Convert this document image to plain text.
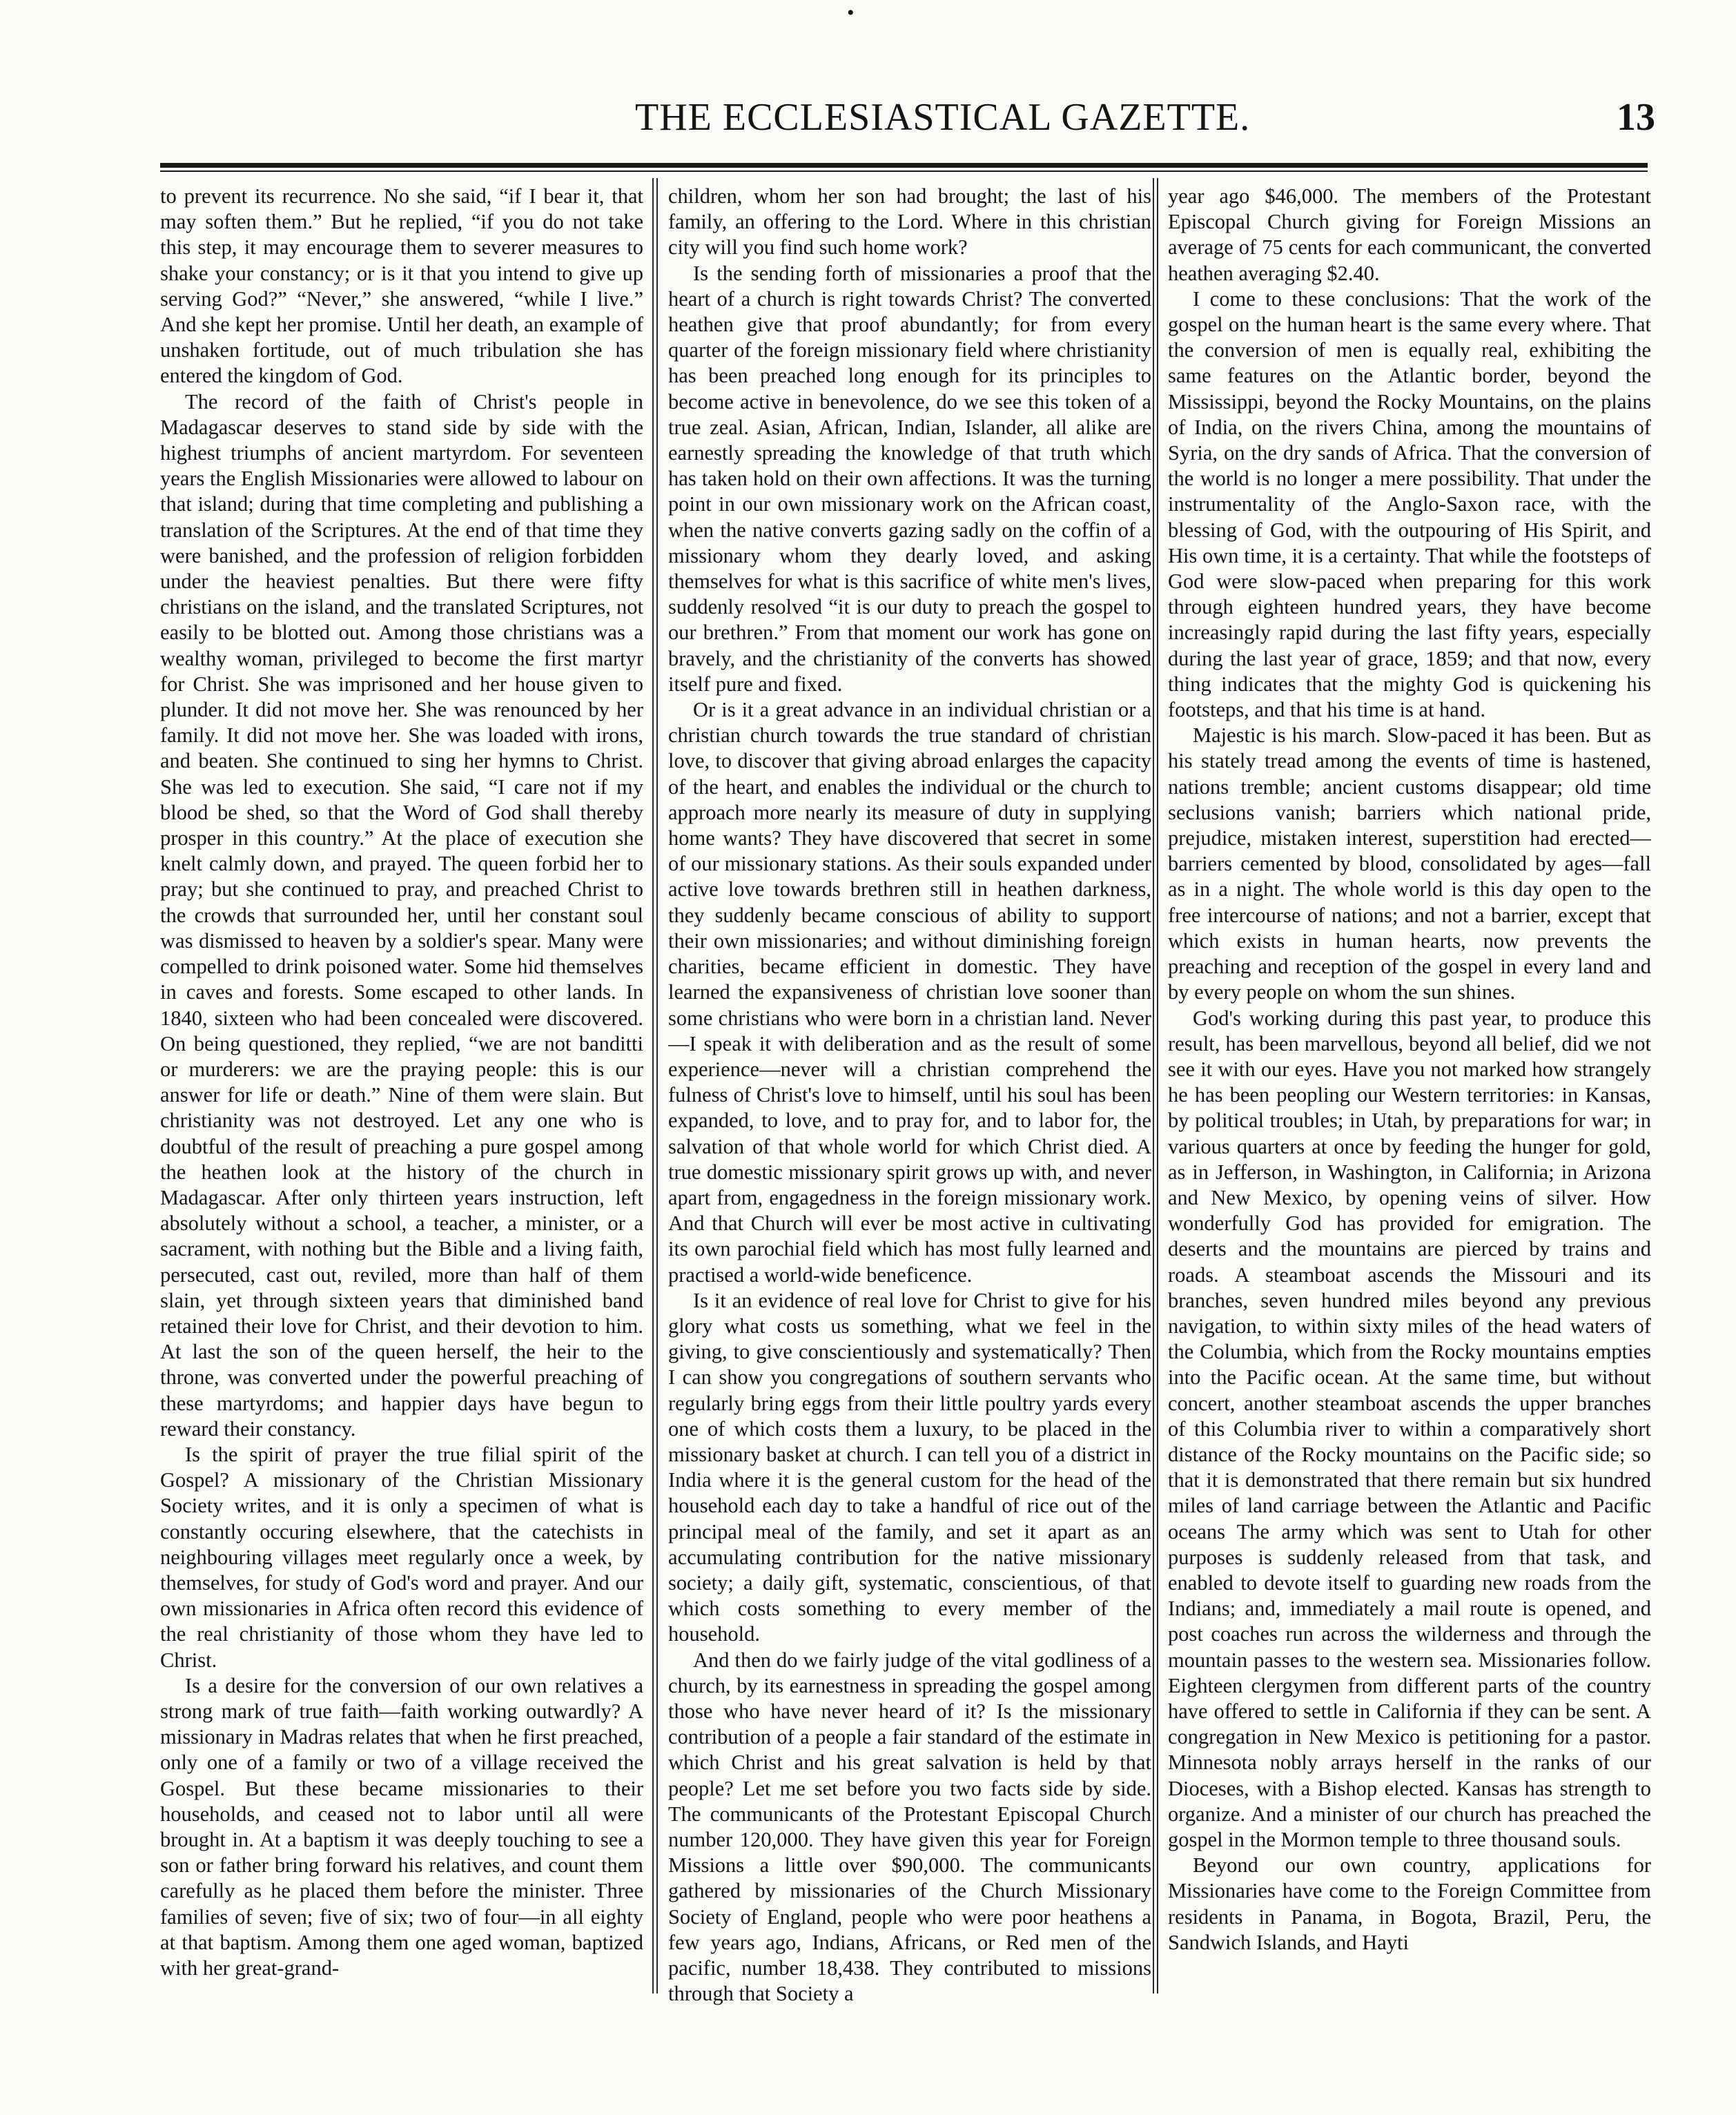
•
THE ECCLESIASTICAL GAZETTE.	13

to prevent its recurrence. No she said, “if I bear it, that may soften them.” But he replied, “if you do not take this step, it may encourage them to severer measures to shake your constancy; or is it that you intend to give up serving God?” “Never,” she answered, “while I live.” And she kept her promise. Until her death, an example of unshaken fortitude, out of much tribulation she has entered the kingdom of God.

The record of the faith of Christ's people in Madagascar deserves to stand side by side with the highest triumphs of ancient martyrdom. For seventeen years the English Missionaries were allowed to labour on that island; during that time completing and publishing a translation of the Scriptures. At the end of that time they were banished, and the profession of religion forbidden under the heaviest penalties. But there were fifty christians on the island, and the translated Scriptures, not easily to be blotted out. Among those christians was a wealthy woman, privileged to become the first martyr for Christ. She was imprisoned and her house given to plunder. It did not move her. She was renounced by her family. It did not move her. She was loaded with irons, and beaten. She continued to sing her hymns to Christ. She was led to execution. She said, “I care not if my blood be shed, so that the Word of God shall thereby prosper in this country.” At the place of execution she knelt calmly down, and prayed. The queen forbid her to pray; but she continued to pray, and preached Christ to the crowds that surrounded her, until her constant soul was dismissed to heaven by a soldier's spear. Many were compelled to drink poisoned water. Some hid themselves in caves and forests. Some escaped to other lands. In 1840, sixteen who had been concealed were discovered. On being questioned, they replied, “we are not banditti or murderers: we are the praying people: this is our answer for life or death.” Nine of them were slain. But christianity was not destroyed. Let any one who is doubtful of the result of preaching a pure gospel among the heathen look at the history of the church in Madagascar. After only thirteen years instruction, left absolutely without a school, a teacher, a minister, or a sacrament, with nothing but the Bible and a living faith, persecuted, cast out, reviled, more than half of them slain, yet through sixteen years that diminished band retained their love for Christ, and their devotion to him. At last the son of the queen herself, the heir to the throne, was converted under the powerful preaching of these martyrdoms; and happier days have begun to reward their constancy.

Is the spirit of prayer the true filial spirit of the Gospel? A missionary of the Christian Missionary Society writes, and it is only a specimen of what is constantly occuring elsewhere, that the catechists in neighbouring villages meet regularly once a week, by themselves, for study of God's word and prayer. And our own missionaries in Africa often record this evidence of the real christianity of those whom they have led to Christ.

Is a desire for the conversion of our own relatives a strong mark of true faith—faith working outwardly? A missionary in Madras relates that when he first preached, only one of a family or two of a village received the Gospel. But these became missionaries to their households, and ceased not to labor until all were brought in. At a baptism it was deeply touching to see a son or father bring forward his relatives, and count them carefully as he placed them before the minister. Three families of seven; five of six; two of four—in all eighty at that baptism. Among them one aged woman, baptized with her great-grand-

children, whom her son had brought; the last of his family, an offering to the Lord. Where in this christian city will you find such home work?

Is the sending forth of missionaries a proof that the heart of a church is right towards Christ? The converted heathen give that proof abundantly; for from every quarter of the foreign missionary field where christianity has been preached long enough for its principles to become active in benevolence, do we see this token of a true zeal. Asian, African, Indian, Islander, all alike are earnestly spreading the knowledge of that truth which has taken hold on their own affections. It was the turning point in our own missionary work on the African coast, when the native converts gazing sadly on the coffin of a missionary whom they dearly loved, and asking themselves for what is this sacrifice of white men's lives, suddenly resolved “it is our duty to preach the gospel to our brethren.” From that moment our work has gone on bravely, and the christianity of the converts has showed itself pure and fixed.

Or is it a great advance in an individual christian or a christian church towards the true standard of christian love, to discover that giving abroad enlarges the capacity of the heart, and enables the individual or the church to approach more nearly its measure of duty in supplying home wants? They have discovered that secret in some of our missionary stations. As their souls expanded under active love towards brethren still in heathen darkness, they suddenly became conscious of ability to support their own missionaries; and without diminishing foreign charities, became efficient in domestic. They have learned the expansiveness of christian love sooner than some christians who were born in a christian land. Never—I speak it with deliberation and as the result of some experience—never will a christian comprehend the fulness of Christ's love to himself, until his soul has been expanded, to love, and to pray for, and to labor for, the salvation of that whole world for which Christ died. A true domestic missionary spirit grows up with, and never apart from, engagedness in the foreign missionary work. And that Church will ever be most active in cultivating its own parochial field which has most fully learned and practised a world-wide beneficence.

Is it an evidence of real love for Christ to give for his glory what costs us something, what we feel in the giving, to give conscientiously and systematically? Then I can show you congregations of southern servants who regularly bring eggs from their little poultry yards every one of which costs them a luxury, to be placed in the missionary basket at church. I can tell you of a district in India where it is the general custom for the head of the household each day to take a handful of rice out of the principal meal of the family, and set it apart as an accumulating contribution for the native missionary society; a daily gift, systematic, conscientious, of that which costs something to every member of the household.

And then do we fairly judge of the vital godliness of a church, by its earnestness in spreading the gospel among those who have never heard of it? Is the missionary contribution of a people a fair standard of the estimate in which Christ and his great salvation is held by that people? Let me set before you two facts side by side. The communicants of the Protestant Episcopal Church number 120,000. They have given this year for Foreign Missions a little over $90,000. The communicants gathered by missionaries of the Church Missionary Society of England, people who were poor heathens a few years ago, Indians, Africans, or Red men of the pacific, number 18,438. They contributed to missions through that Society a

year ago $46,000. The members of the Protestant Episcopal Church giving for Foreign Missions an average of 75 cents for each communicant, the converted heathen averaging $2.40.

I come to these conclusions: That the work of the gospel on the human heart is the same every where. That the conversion of men is equally real, exhibiting the same features on the Atlantic border, beyond the Mississippi, beyond the Rocky Mountains, on the plains of India, on the rivers China, among the mountains of Syria, on the dry sands of Africa. That the conversion of the world is no longer a mere possibility. That under the instrumentality of the Anglo-Saxon race, with the blessing of God, with the outpouring of His Spirit, and His own time, it is a certainty. That while the footsteps of God were slow-paced when preparing for this work through eighteen hundred years, they have become increasingly rapid during the last fifty years, especially during the last year of grace, 1859; and that now, every thing indicates that the mighty God is quickening his footsteps, and that his time is at hand.

Majestic is his march. Slow-paced it has been. But as his stately tread among the events of time is hastened, nations tremble; ancient customs disappear; old time seclusions vanish; barriers which national pride, prejudice, mistaken interest, superstition had erected—barriers cemented by blood, consolidated by ages—fall as in a night. The whole world is this day open to the free intercourse of nations; and not a barrier, except that which exists in human hearts, now prevents the preaching and reception of the gospel in every land and by every people on whom the sun shines.

God's working during this past year, to produce this result, has been marvellous, beyond all belief, did we not see it with our eyes. Have you not marked how strangely he has been peopling our Western territories: in Kansas, by political troubles; in Utah, by preparations for war; in various quarters at once by feeding the hunger for gold, as in Jefferson, in Washington, in California; in Arizona and New Mexico, by opening veins of silver. How wonderfully God has provided for emigration. The deserts and the mountains are pierced by trains and roads. A steamboat ascends the Missouri and its branches, seven hundred miles beyond any previous navigation, to within sixty miles of the head waters of the Columbia, which from the Rocky mountains empties into the Pacific ocean. At the same time, but without concert, another steamboat ascends the upper branches of this Columbia river to within a comparatively short distance of the Rocky mountains on the Pacific side; so that it is demonstrated that there remain but six hundred miles of land carriage between the Atlantic and Pacific oceans The army which was sent to Utah for other purposes is suddenly released from that task, and enabled to devote itself to guarding new roads from the Indians; and, immediately a mail route is opened, and post coaches run across the wilderness and through the mountain passes to the western sea. Missionaries follow. Eighteen clergymen from different parts of the country have offered to settle in California if they can be sent. A congregation in New Mexico is petitioning for a pastor. Minnesota nobly arrays herself in the ranks of our Dioceses, with a Bishop elected. Kansas has strength to organize. And a minister of our church has preached the gospel in the Mormon temple to three thousand souls.

Beyond our own country, applications for Missionaries have come to the Foreign Committee from residents in Panama, in Bogota, Brazil, Peru, the Sandwich Islands, and Hayti
